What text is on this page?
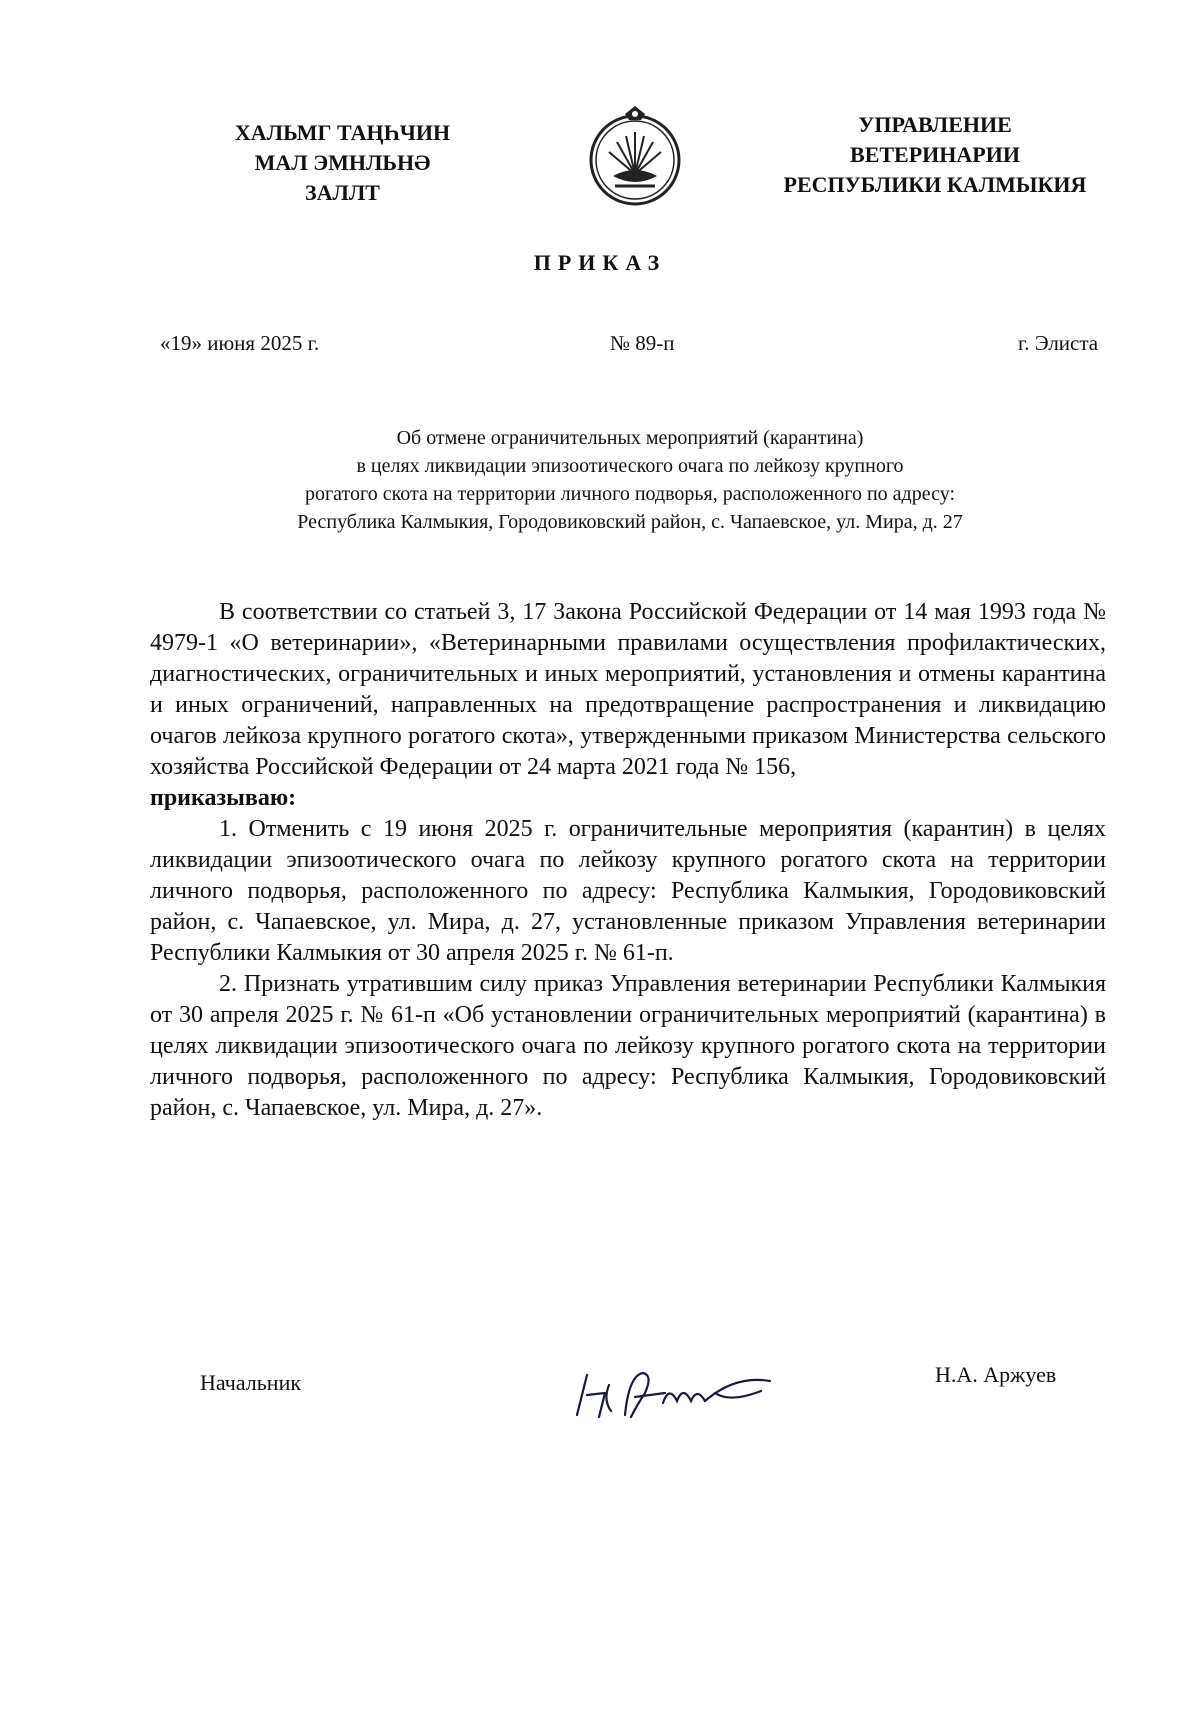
ХАЛЬМГ ТАҢҺЧИН
МАЛ ЭМНЛЬНӘ
ЗАЛЛТ
УПРАВЛЕНИЕ
ВЕТЕРИНАРИИ
РЕСПУБЛИКИ КАЛМЫКИЯ
ПРИКАЗ
«19» июня 2025 г.	№ 89-п	г. Элиста
Об отмене ограничительных мероприятий (карантина)
в целях ликвидации эпизоотического очага по лейкозу крупного
рогатого скота на территории личного подворья, расположенного по адресу:
Республика Калмыкия, Городовиковский район, с. Чапаевское, ул. Мира, д. 27

В соответствии со статьей 3, 17 Закона Российской Федерации от 14 мая 1993 года № 4979-1 «О ветеринарии», «Ветеринарными правилами осуществления профилактических, диагностических, ограничительных и иных мероприятий, установления и отмены карантина и иных ограничений, направленных на предотвращение распространения и ликвидацию очагов лейкоза крупного рогатого скота», утвержденными приказом Министерства сельского хозяйства Российской Федерации от 24 марта 2021 года № 156,

приказываю:

1. Отменить с 19 июня 2025 г. ограничительные мероприятия (карантин) в целях ликвидации эпизоотического очага по лейкозу крупного рогатого скота на территории личного подворья, расположенного по адресу: Республика Калмыкия, Городовиковский район, с. Чапаевское, ул. Мира, д. 27, установленные приказом Управления ветеринарии Республики Калмыкия от 30 апреля 2025 г. № 61-п.

2. Признать утратившим силу приказ Управления ветеринарии Республики Калмыкия от 30 апреля 2025 г. № 61-п «Об установлении ограничительных мероприятий (карантина) в целях ликвидации эпизоотического очага по лейкозу крупного рогатого скота на территории личного подворья, расположенного по адресу: Республика Калмыкия, Городовиковский район, с. Чапаевское, ул. Мира, д. 27».

Начальник	Н.А. Аржуев
